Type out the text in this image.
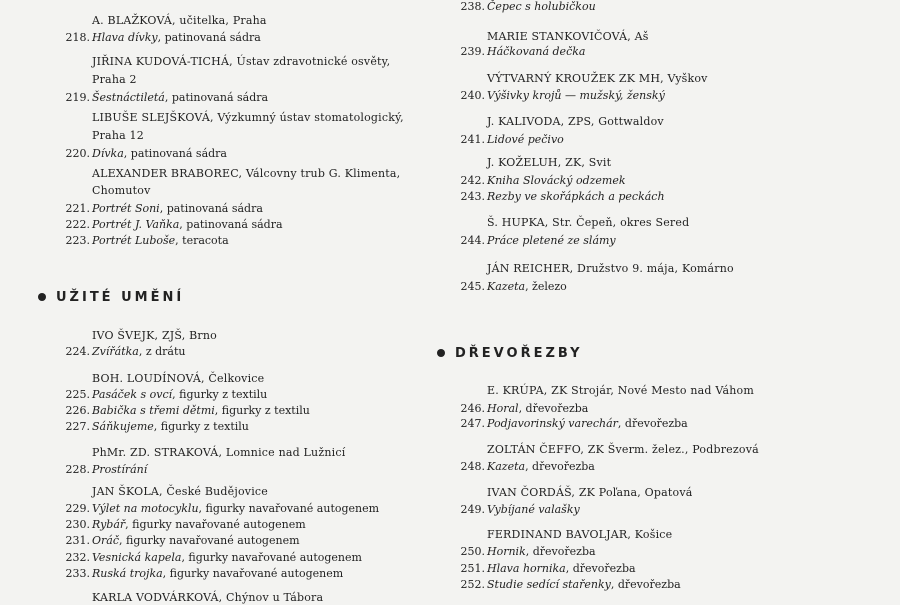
A. BLAŽKOVÁ, učitelka, Praha
218. Hlava dívky, patinovaná sádra
JIŘINA KUDOVÁ-TICHÁ, Ústav zdravotnické osvěty,
Praha 2
219. Šestnáctiletá, patinovaná sádra
LIBUŠE SLEJŠKOVÁ, Výzkumný ústav stomatologický,
Praha 12
220. Dívka, patinovaná sádra
ALEXANDER BRABOREC, Válcovny trub G. Klimenta,
Chomutov
221. Portrét Soni, patinovaná sádra
222. Portrét J. Vaňka, patinovaná sádra
223. Portrét Luboše, teracota
UŽITÉ UMĚNÍ
IVO ŠVEJK, ZJŠ, Brno
224. Zvířátka, z drátu
BOH. LOUDÍNOVÁ, Čelkovice
225. Pasáček s ovcí, figurky z textilu
226. Babička s třemi dětmi, figurky z textilu
227. Sáňkujeme, figurky z textilu
PhMr. ZD. STRAKOVÁ, Lomnice nad Lužnicí
228. Prostírání
JAN ŠKOLA, České Budějovice
229. Výlet na motocyklu, figurky navařované autogenem
230. Rybář, figurky navařované autogenem
231. Oráč, figurky navařované autogenem
232. Vesnická kapela, figurky navařované autogenem
233. Ruská trojka, figurky navařované autogenem
KARLA VODVÁRKOVÁ, Chýnov u Tábora
238. Čepec s holubičkou
MARIE STANKOVIČOVÁ, Aš
239. Háčkovaná dečka
VÝTVARNÝ KROUŽEK ZK MH, Vyškov
240. Výšivky krojů — mužský, ženský
J. KALIVODA, ZPS, Gottwaldov
241. Lidové pečivo
J. KOŽELUH, ZK, Svit
242. Kniha Slovácký odzemek
243. Rezby ve skořápkách a peckách
Š. HUPKA, Str. Čepeň, okres Sered
244. Práce pletené ze slámy
JÁN REICHER, Družstvo 9. mája, Komárno
245. Kazeta, železo
DŘEVOŘEZBY
E. KRÚPA, ZK Strojár, Nové Mesto nad Váhom
246. Horal, dřevořezba
247. Podjavorinský varechár, dřevořezba
ZOLTÁN ČEFFO, ZK Šverm. želez., Podbrezová
248. Kazeta, dřevořezba
IVAN ČORDÁŠ, ZK Poľana, Opatová
249. Vybíjané valašky
FERDINAND BAVOLJAR, Košice
250. Hornik, dřevořezba
251. Hlava hornika, dřevořezba
252. Studie sedící stařenky, dřevořezba
